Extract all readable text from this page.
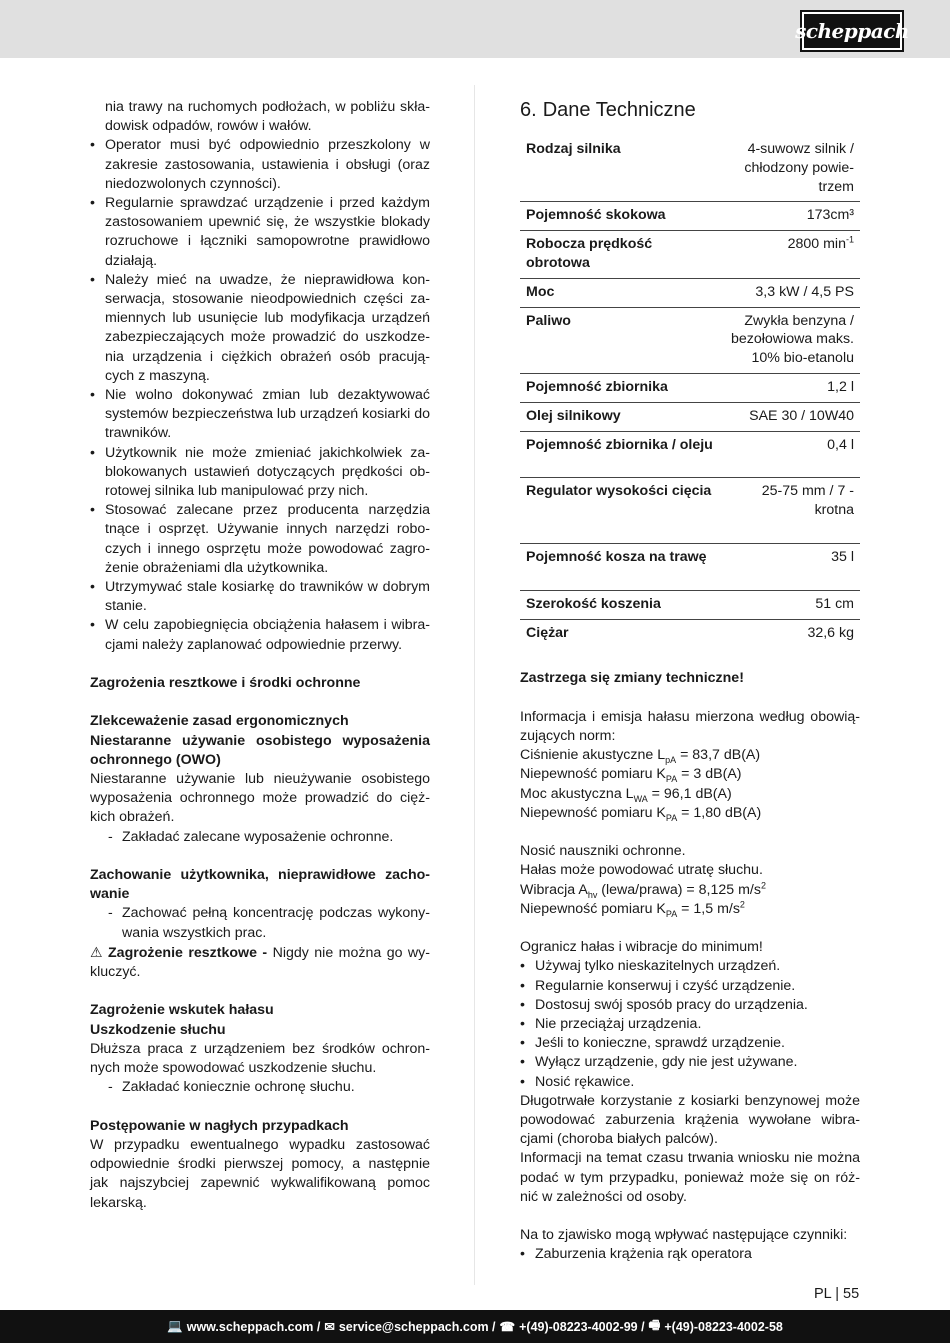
scheppach

nia trawy na ruchomych podłożach, w pobliżu skła-dowisk odpadów, rowów i wałów.

• Operator musi być odpowiednio przeszkolony w zakresie zastosowania, ustawienia i obsługi (oraz niedozwolonych czynności).
• Regularnie sprawdzać urządzenie i przed każdym zastosowaniem upewnić się, że wszystkie blokady rozruchowe i łączniki samopowrotne prawidłowo działają.
• Należy mieć na uwadze, że nieprawidłowa kon-serwacja, stosowanie nieodpowiednich części za-miennych lub usunięcie lub modyfikacja urządzeń zabezpieczających może prowadzić do uszkodze-nia urządzenia i ciężkich obrażeń osób pracują-cych z maszyną.
• Nie wolno dokonywać zmian lub dezaktywować systemów bezpieczeństwa lub urządzeń kosiarki do trawników.
• Użytkownik nie może zmieniać jakichkolwiek za-blokowanych ustawień dotyczących prędkości ob-rotowej silnika lub manipulować przy nich.
• Stosować zalecane przez producenta narzędzia tnące i osprzęt. Używanie innych narzędzi robo-czych i innego osprzętu może powodować zagro-żenie obrażeniami dla użytkownika.
• Utrzymywać stale kosiarkę do trawników w dobrym stanie.
• W celu zapobiegnięcia obciążenia hałasem i wibra-cjami należy zaplanować odpowiednie przerwy.

Zagrożenia resztkowe i środki ochronne

Zlekceważenie zasad ergonomicznych

Niestaranne używanie osobistego wyposażenia ochronnego (OWO)

Niestaranne używanie lub nieużywanie osobistego wyposażenia ochronnego może prowadzić do cięż-kich obrażeń.

- Zakładać zalecane wyposażenie ochronne.

Zachowanie użytkownika, nieprawidłowe zacho-wanie

- Zachować pełną koncentrację podczas wykony-wania wszystkich prac.

⚠ Zagrożenie resztkowe - Nigdy nie można go wy-kluczyć.

Zagrożenie wskutek hałasu

Uszkodzenie słuchu

Dłuższa praca z urządzeniem bez środków ochron-nych może spowodować uszkodzenie słuchu.

- Zakładać koniecznie ochronę słuchu.

Postępowanie w nagłych przypadkach

W przypadku ewentualnego wypadku zastosować odpowiednie środki pierwszej pomocy, a następnie jak najszybciej zapewnić wykwalifikowaną pomoc lekarską.

6. Dane Techniczne
Rodzaj silnika	4-suwowz silnik / chłodzony powie-trzem
Pojemność skokowa	173cm³
Robocza prędkość obrotowa	2800 $\min^{-1}$
Moc	3,3 kW / 4,5 PS
Paliwo	Zwykła benzyna / bezołowiowa maks. 10% bio-etanolu
Pojemność zbiornika	1,2 l
Olej silnikowy	SAE 30 / 10W40
Pojemność zbiornika / oleju	0,4 l

Regulator wysokości cięcia	25-75 mm / 7 - krotna

Pojemność kosza na trawę	35 l

Szerokość koszenia	51 cm
Ciężar	32,6 kg

Zastrzega się zmiany techniczne!

Informacja i emisja hałasu mierzona według obowią-zujących norm:

Ciśnienie akustyczne $L_{pA} = 83,7$ dB(A)

Niepewność pomiaru $K_{PA} = 3$ dB(A)

Moc akustyczna $L_{WA} = 96,1$ dB(A)

Niepewność pomiaru $K_{PA} = 1,80$ dB(A)

Nosić nauszniki ochronne.

Hałas może powodować utratę słuchu.

Wibracja $A_{hv}$ (lewa/prawa) = 8,125 $m/s^2$

Niepewność pomiaru $K_{PA} = 1,5$ $m/s^2$

Ogranicz hałas i wibracje do minimum!

• Używaj tylko nieskazitelnych urządzeń.
• Regularnie konserwuj i czyść urządzenie.
• Dostosuj swój sposób pracy do urządzenia.
• Nie przeciążaj urządzenia.
• Jeśli to konieczne, sprawdź urządzenie.
• Wyłącz urządzenie, gdy nie jest używane.
• Nosić rękawice.

Długotrwałe korzystanie z kosiarki benzynowej może powodować zaburzenia krążenia wywołane wibra-cjami (choroba białych palców).

Informacji na temat czasu trwania wniosku nie można podać w tym przypadku, ponieważ może się on róż-nić w zależności od osoby.

Na to zjawisko mogą wpływać następujące czynniki:

• Zaburzenia krążenia rąk operatora
PL | 55
💻 www.scheppach.com / ✉ service@scheppach.com / ☎ +(49)-08223-4002-99 / 🖷 +(49)-08223-4002-58
